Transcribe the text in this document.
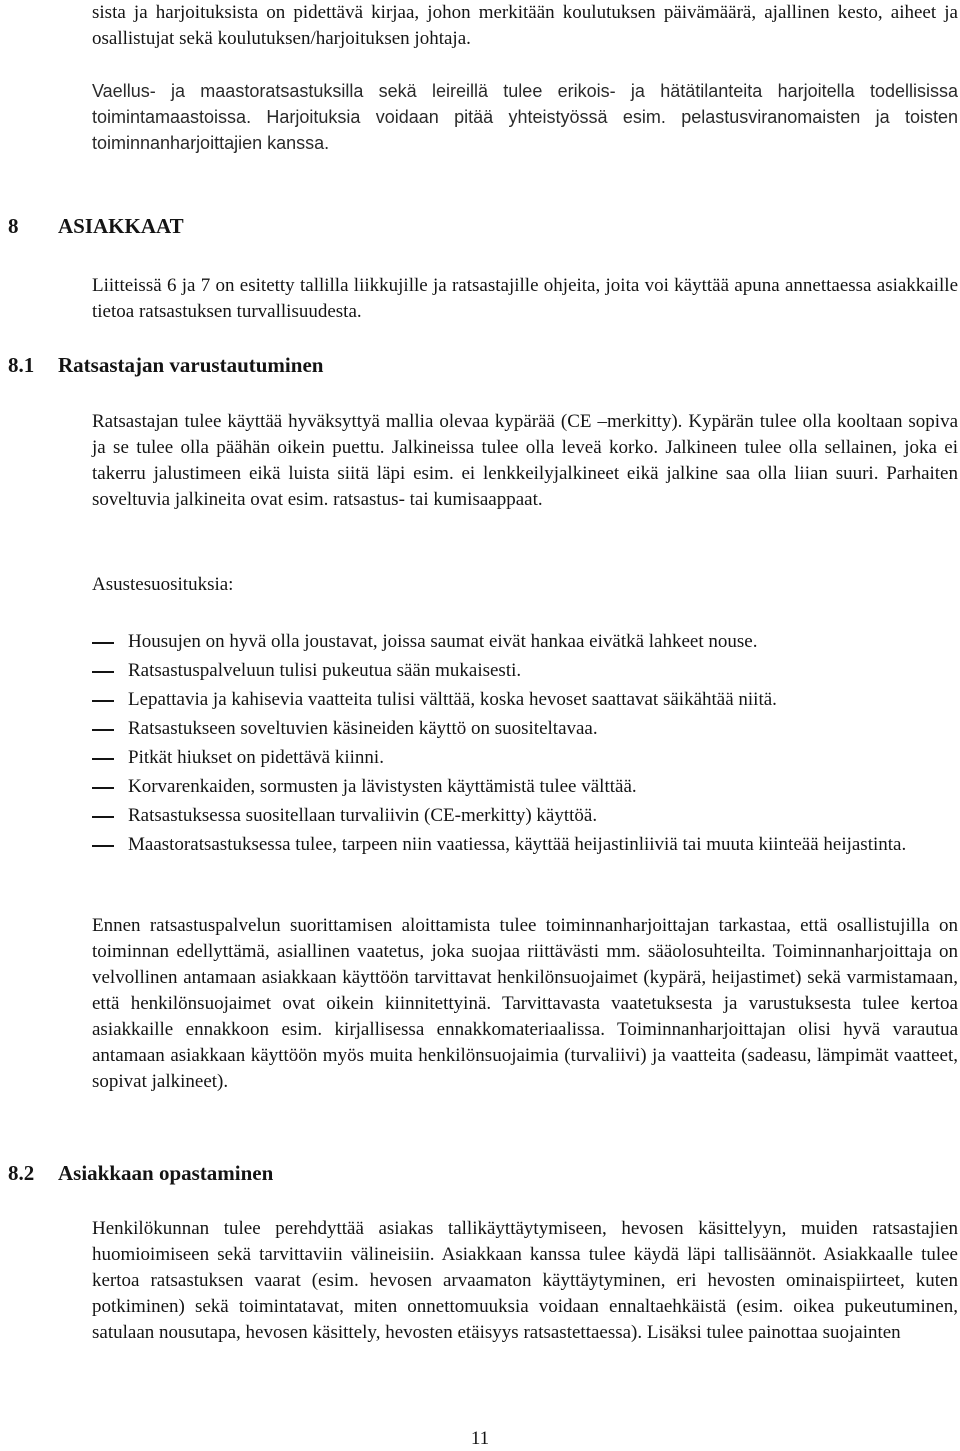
sista ja harjoituksista on pidettävä kirjaa, johon merkitään koulutuksen päivämäärä, ajallinen kesto, aiheet ja osallistujat sekä koulutuksen/harjoituksen johtaja.

Vaellus- ja maastoratsastuksilla sekä leireillä tulee erikois- ja hätätilanteita harjoitella todellisissa toimintamaastoissa. Harjoituksia voidaan pitää yhteistyössä esim. pelastusviranomaisten ja toisten toiminnanharjoittajien kanssa.

8 ASIAKKAAT

Liitteissä 6 ja 7 on esitetty tallilla liikkujille ja ratsastajille ohjeita, joita voi käyttää apuna annettaessa asiakkaille tietoa ratsastuksen turvallisuudesta.

8.1 Ratsastajan varustautuminen

Ratsastajan tulee käyttää hyväksyttyä mallia olevaa kypärää (CE –merkitty). Kypärän tulee olla kooltaan sopiva ja se tulee olla päähän oikein puettu. Jalkineissa tulee olla leveä korko. Jalkineen tulee olla sellainen, joka ei takerru jalustimeen eikä luista siitä läpi esim. ei lenkkeilyjalkineet eikä jalkine saa olla liian suuri. Parhaiten soveltuvia jalkineita ovat esim. ratsastus- tai kumisaappaat.

Asustesuosituksia:

Housujen on hyvä olla joustavat, joissa saumat eivät hankaa eivätkä lahkeet nouse.
Ratsastuspalveluun tulisi pukeutua sään mukaisesti.
Lepattavia ja kahisevia vaatteita tulisi välttää, koska hevoset saattavat säikähtää niitä.
Ratsastukseen soveltuvien käsineiden käyttö on suositeltavaa.
Pitkät hiukset on pidettävä kiinni.
Korvarenkaiden, sormusten ja lävistysten käyttämistä tulee välttää.
Ratsastuksessa suositellaan turvaliivin (CE-merkitty) käyttöä.
Maastoratsastuksessa tulee, tarpeen niin vaatiessa, käyttää heijastinliiviä tai muuta kiinteää heijastinta.

Ennen ratsastuspalvelun suorittamisen aloittamista tulee toiminnanharjoittajan tarkastaa, että osallistujilla on toiminnan edellyttämä, asiallinen vaatetus, joka suojaa riittävästi mm. sääolosuhteilta. Toiminnanharjoittaja on velvollinen antamaan asiakkaan käyttöön tarvittavat henkilönsuojaimet (kypärä, heijastimet) sekä varmistamaan, että henkilönsuojaimet ovat oikein kiinnitettyinä. Tarvittavasta vaatetuksesta ja varustuksesta tulee kertoa asiakkaille ennakkoon esim. kirjallisessa ennakkomateriaalissa. Toiminnanharjoittajan olisi hyvä varautua antamaan asiakkaan käyttöön myös muita henkilönsuojaimia (turvaliivi) ja vaatteita (sadeasu, lämpimät vaatteet, sopivat jalkineet).

8.2 Asiakkaan opastaminen

Henkilökunnan tulee perehdyttää asiakas tallikäyttäytymiseen, hevosen käsittelyyn, muiden ratsastajien huomioimiseen sekä tarvittaviin välineisiin. Asiakkaan kanssa tulee käydä läpi tallisäännöt. Asiakkaalle tulee kertoa ratsastuksen vaarat (esim. hevosen arvaamaton käyttäytyminen, eri hevosten ominaispiirteet, kuten potkiminen) sekä toimintatavat, miten onnettomuuksia voidaan ennaltaehkäistä (esim. oikea pukeutuminen, satulaan nousutapa, hevosen käsittely, hevosten etäisyys ratsastettaessa). Lisäksi tulee painottaa suojainten

11
